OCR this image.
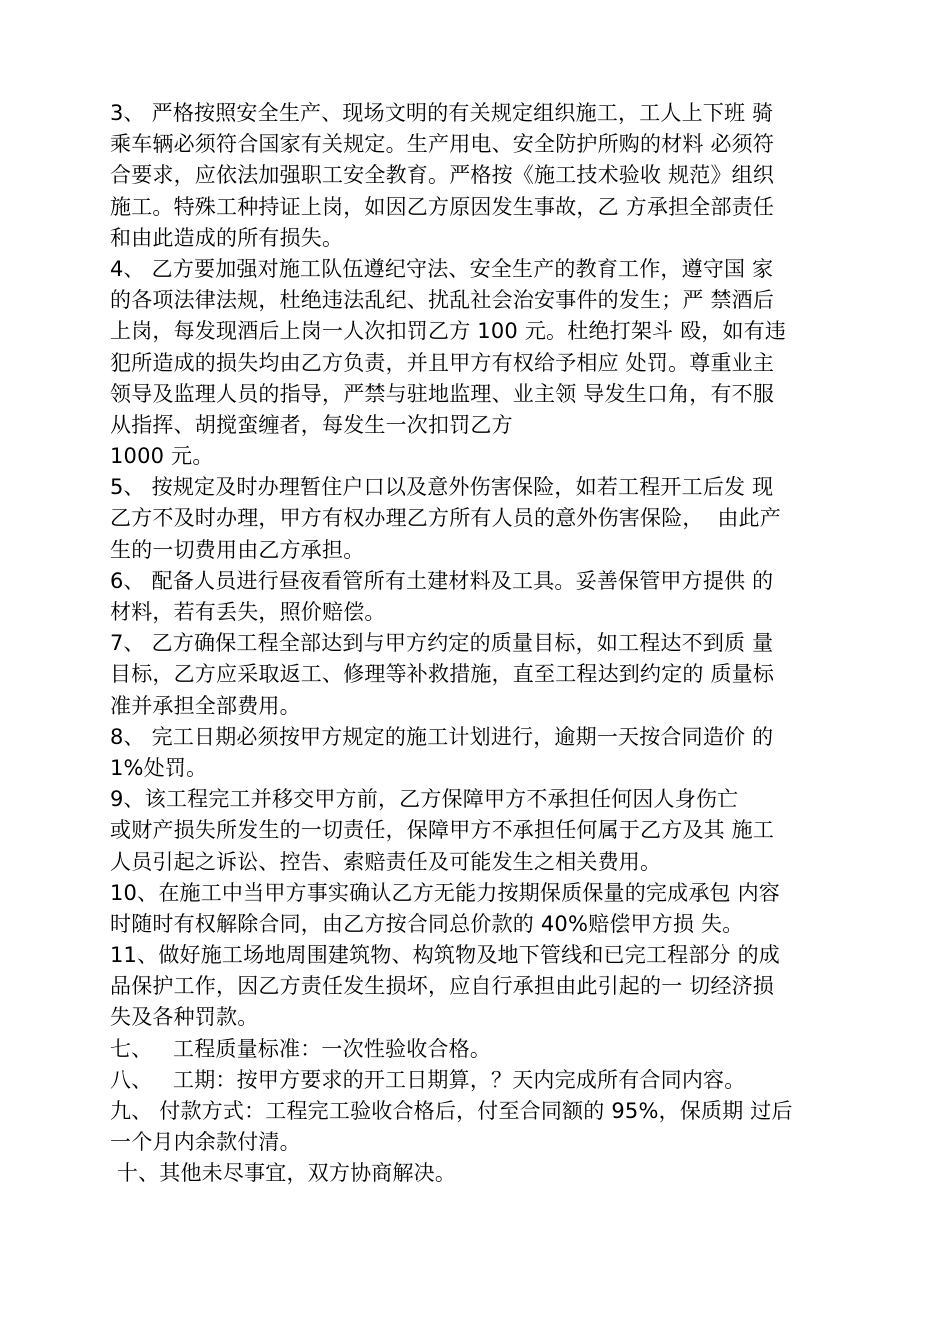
3、 严格按照安全生产、现场文明的有关规定组织施工，工人上下班 骑
乘车辆必须符合国家有关规定。生产用电、安全防护所购的材料 必须符
合要求，应依法加强职工安全教育。严格按《施工技术验收 规范》组织
施工。特殊工种持证上岗，如因乙方原因发生事故，乙 方承担全部责任
和由此造成的所有损失。
4、 乙方要加强对施工队伍遵纪守法、安全生产的教育工作，遵守国 家
的各项法律法规，杜绝违法乱纪、扰乱社会治安事件的发生；严 禁酒后
上岗，每发现酒后上岗一人次扣罚乙方 100 元。杜绝打架斗 殴，如有违
犯所造成的损失均由乙方负责，并且甲方有权给予相应 处罚。尊重业主
领导及监理人员的指导，严禁与驻地监理、业主领 导发生口角，有不服
从指挥、胡搅蛮缠者，每发生一次扣罚乙方
1000 元。
5、 按规定及时办理暂住户口以及意外伤害保险，如若工程开工后发 现
乙方不及时办理，甲方有权办理乙方所有人员的意外伤害保险，  由此产
生的一切费用由乙方承担。
6、 配备人员进行昼夜看管所有土建材料及工具。妥善保管甲方提供 的
材料，若有丢失，照价赔偿。
7、 乙方确保工程全部达到与甲方约定的质量目标，如工程达不到质 量
目标，乙方应采取返工、修理等补救措施，直至工程达到约定的 质量标
准并承担全部费用。
8、 完工日期必须按甲方规定的施工计划进行，逾期一天按合同造价 的
1%处罚。
9、该工程完工并移交甲方前，乙方保障甲方不承担任何因人身伤亡
或财产损失所发生的一切责任，保障甲方不承担任何属于乙方及其 施工
人员引起之诉讼、控告、索赔责任及可能发生之相关费用。
10、在施工中当甲方事实确认乙方无能力按期保质保量的完成承包 内容
时随时有权解除合同，由乙方按合同总价款的 40%赔偿甲方损 失。
11、做好施工场地周围建筑物、构筑物及地下管线和已完工程部分 的成
品保护工作，因乙方责任发生损坏，应自行承担由此引起的一 切经济损
失及各种罚款。
七、   工程质量标准：一次性验收合格。
八、   工期：按甲方要求的开工日期算，？天内完成所有合同内容。
九、 付款方式：工程完工验收合格后，付至合同额的 95%，保质期 过后
一个月内余款付清。
十、其他未尽事宜，双方协商解决。
